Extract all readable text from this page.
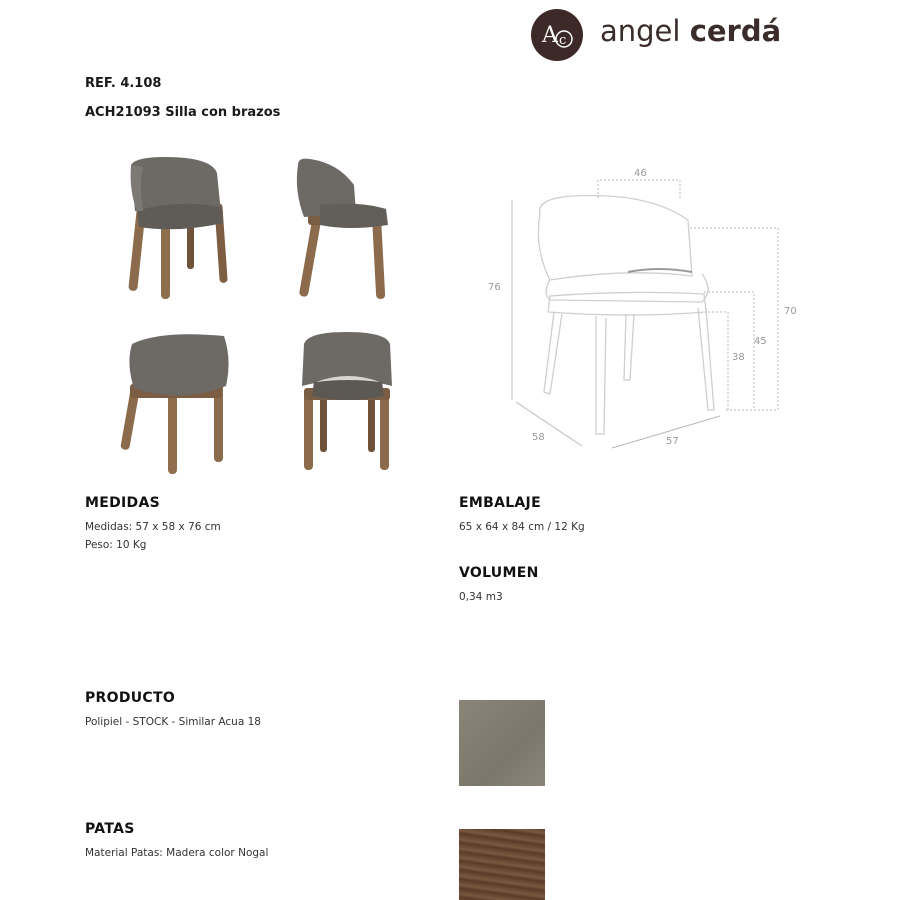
A c angel cerdá
REF. 4.108
ACH21093 Silla con brazos
46
76
70
45
38
58	57
MEDIDAS
Medidas: 57 x 58 x 76 cm
Peso: 10 Kg
EMBALAJE
65 x 64 x 84 cm / 12 Kg
VOLUMEN
0,34 m3
PRODUCTO
Polipiel - STOCK - Similar Acua 18
PATAS
Material Patas: Madera color Nogal
